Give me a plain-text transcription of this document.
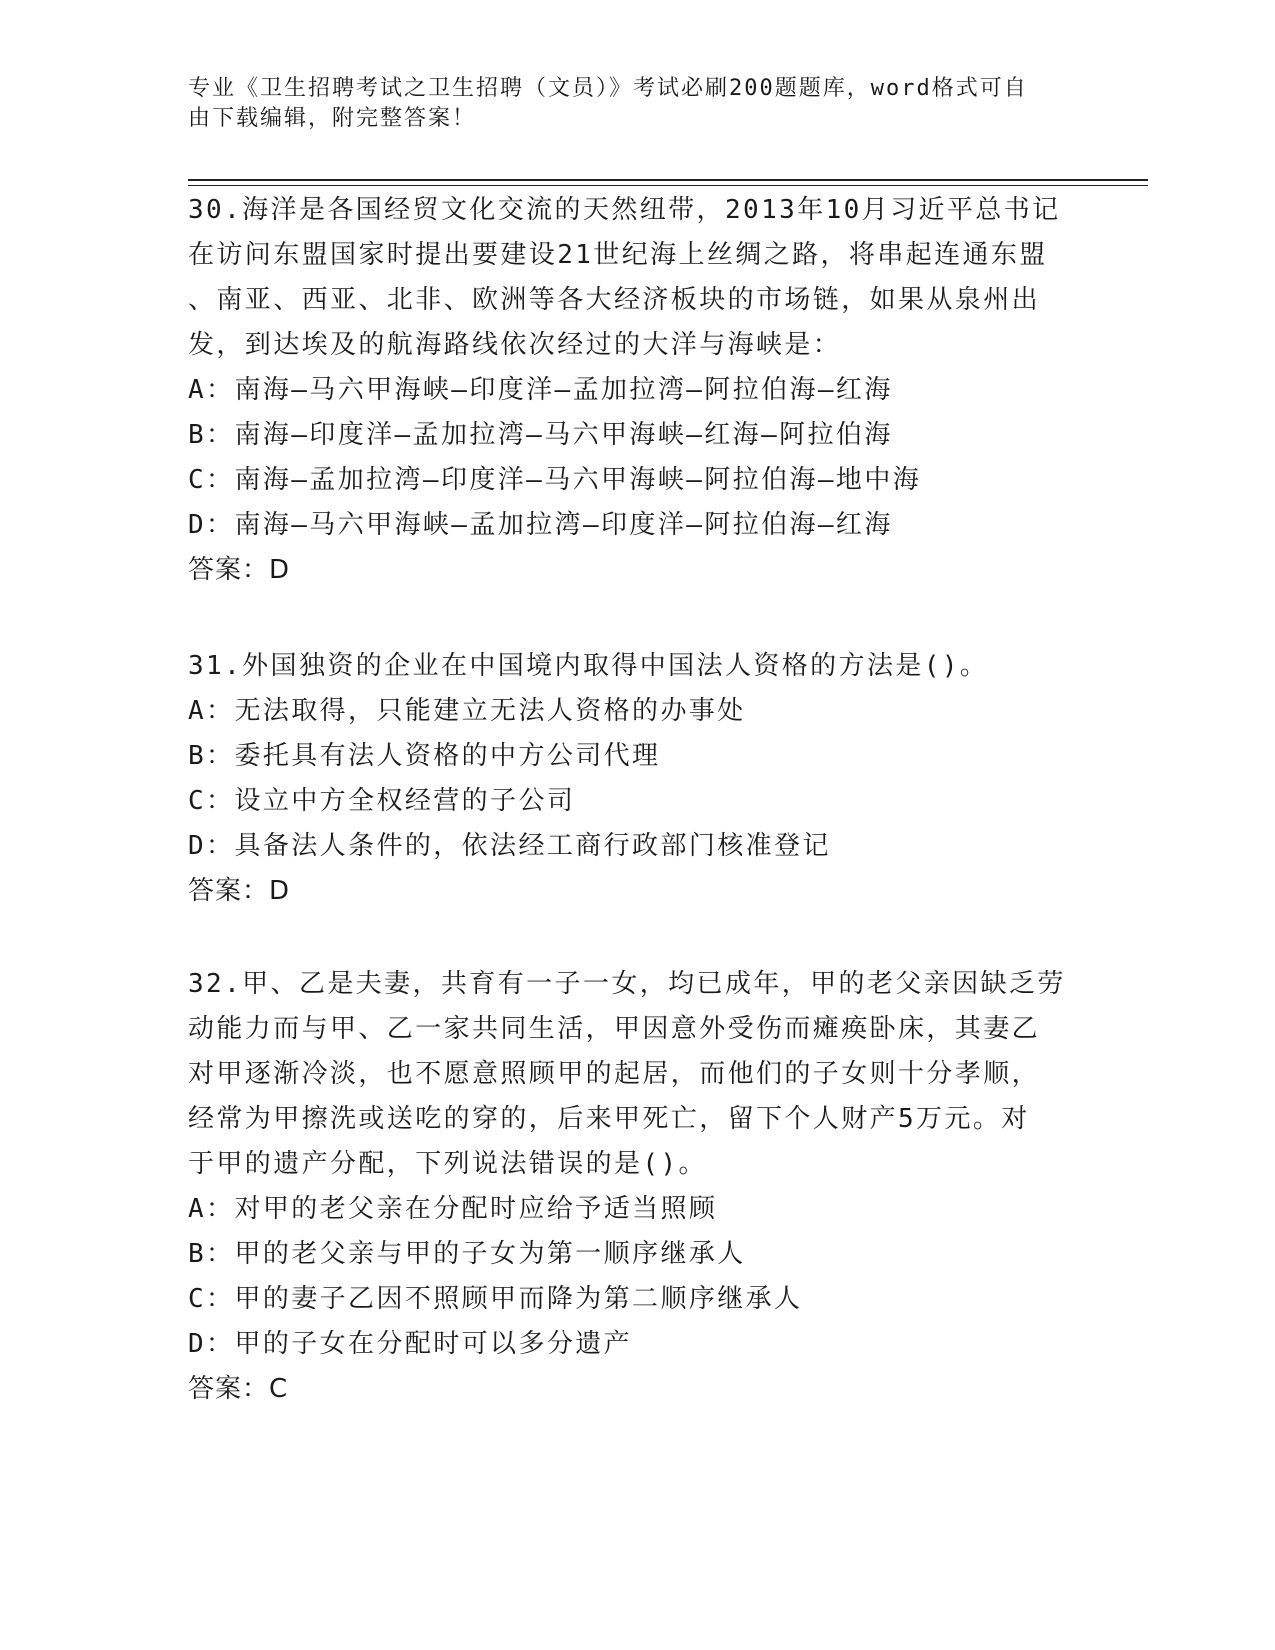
专业《卫生招聘考试之卫生招聘（文员）》考试必刷200题题库，word格式可自
由下载编辑，附完整答案！
30.海洋是各国经贸文化交流的天然纽带，2013年10月习近平总书记
在访问东盟国家时提出要建设21世纪海上丝绸之路，将串起连通东盟
、南亚、西亚、北非、欧洲等各大经济板块的市场链，如果从泉州出
发，到达埃及的航海路线依次经过的大洋与海峡是：
A：南海—马六甲海峡—印度洋—孟加拉湾—阿拉伯海—红海
B：南海—印度洋—孟加拉湾—马六甲海峡—红海—阿拉伯海
C：南海—孟加拉湾—印度洋—马六甲海峡—阿拉伯海—地中海
D：南海—马六甲海峡—孟加拉湾—印度洋—阿拉伯海—红海
答案：D
31.外国独资的企业在中国境内取得中国法人资格的方法是()。
A：无法取得，只能建立无法人资格的办事处
B：委托具有法人资格的中方公司代理
C：设立中方全权经营的子公司
D：具备法人条件的，依法经工商行政部门核准登记
答案：D
32.甲、乙是夫妻，共育有一子一女，均已成年，甲的老父亲因缺乏劳
动能力而与甲、乙一家共同生活，甲因意外受伤而瘫痪卧床，其妻乙
对甲逐渐冷淡，也不愿意照顾甲的起居，而他们的子女则十分孝顺，
经常为甲擦洗或送吃的穿的，后来甲死亡，留下个人财产5万元。对
于甲的遗产分配，下列说法错误的是()。
A：对甲的老父亲在分配时应给予适当照顾
B：甲的老父亲与甲的子女为第一顺序继承人
C：甲的妻子乙因不照顾甲而降为第二顺序继承人
D：甲的子女在分配时可以多分遗产
答案：C
